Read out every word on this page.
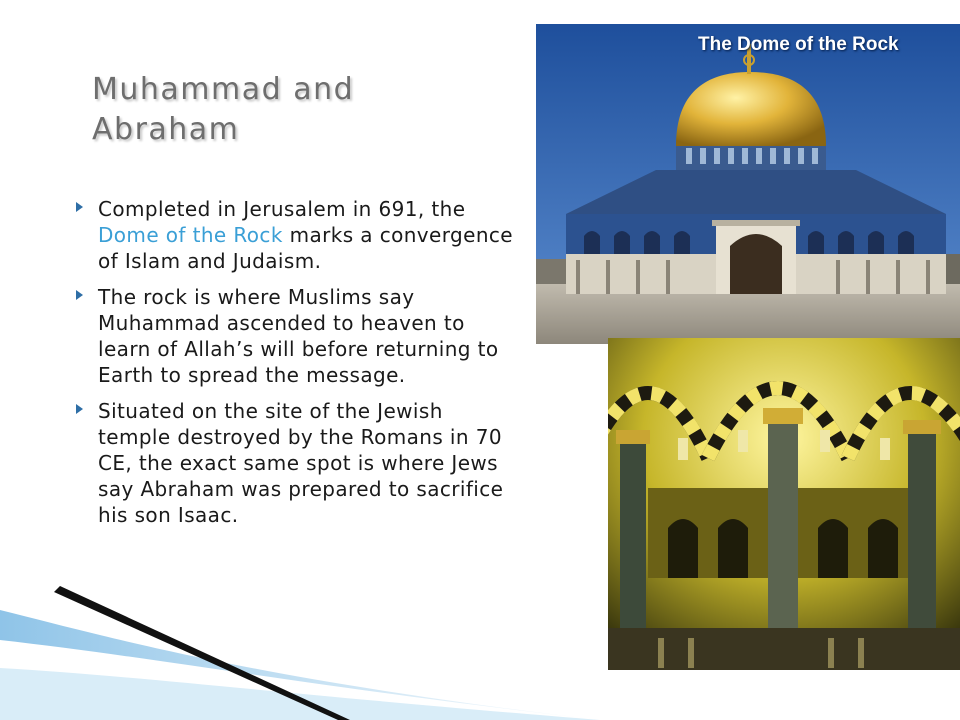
Muhammad and
Abraham
Completed in Jerusalem in 691, the Dome of the Rock marks a convergence of Islam and Judaism.
The rock is where Muslims say Muhammad ascended to heaven to learn of Allah’s will before returning to Earth to spread the message.
Situated on the site of the Jewish temple destroyed by the Romans in 70 CE, the exact same spot is where Jews say Abraham was prepared to sacrifice his son Isaac.
The Dome of the Rock
